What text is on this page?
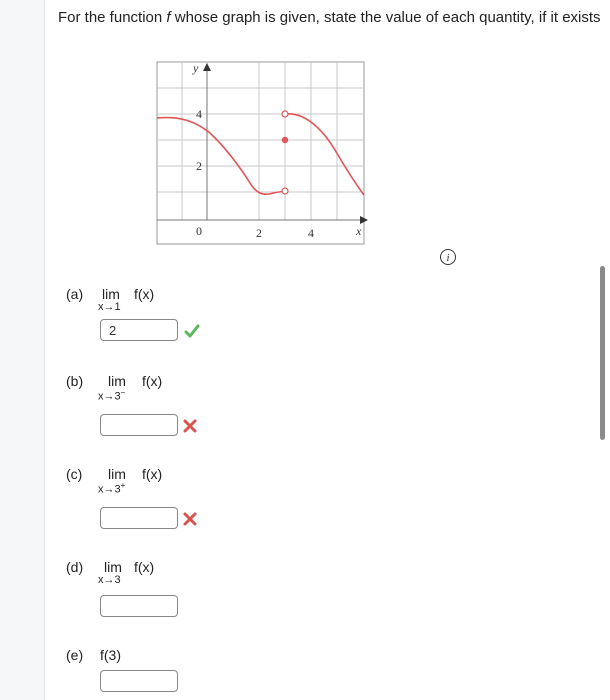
For the function f whose graph is given, state the value of each quantity, if it exists
y
4
2
0	2	4	x
i
(a) lim f(x)
x→1
2
(b) lim f(x)
x→3−
(c) lim f(x)
x→3+
(d) lim f(x)
x→3
(e) f(3)
